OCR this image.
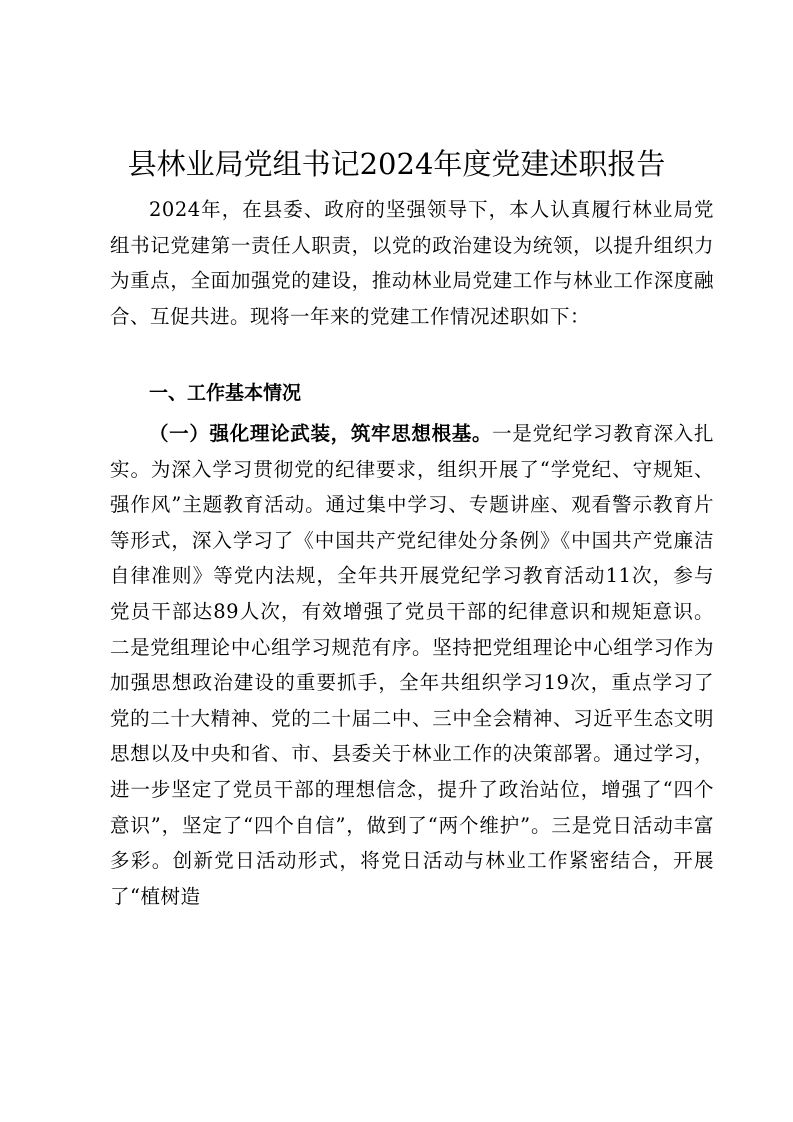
县林业局党组书记2024年度党建述职报告

2024年，在县委、政府的坚强领导下，本人认真履行林业局党组书记党建第一责任人职责，以党的政治建设为统领，以提升组织力为重点，全面加强党的建设，推动林业局党建工作与林业工作深度融合、互促共进。现将一年来的党建工作情况述职如下：

一、工作基本情况

（一）强化理论武装，筑牢思想根基。一是党纪学习教育深入扎实。为深入学习贯彻党的纪律要求，组织开展了“学党纪、守规矩、强作风”主题教育活动。通过集中学习、专题讲座、观看警示教育片等形式，深入学习了《中国共产党纪律处分条例》《中国共产党廉洁自律准则》等党内法规，全年共开展党纪学习教育活动11次，参与党员干部达89人次，有效增强了党员干部的纪律意识和规矩意识。二是党组理论中心组学习规范有序。坚持把党组理论中心组学习作为加强思想政治建设的重要抓手，全年共组织学习19次，重点学习了党的二十大精神、党的二十届二中、三中全会精神、习近平生态文明思想以及中央和省、市、县委关于林业工作的决策部署。通过学习，进一步坚定了党员干部的理想信念，提升了政治站位，增强了“四个意识”，坚定了“四个自信”，做到了“两个维护”。三是党日活动丰富多彩。创新党日活动形式，将党日活动与林业工作紧密结合，开展了“植树造
